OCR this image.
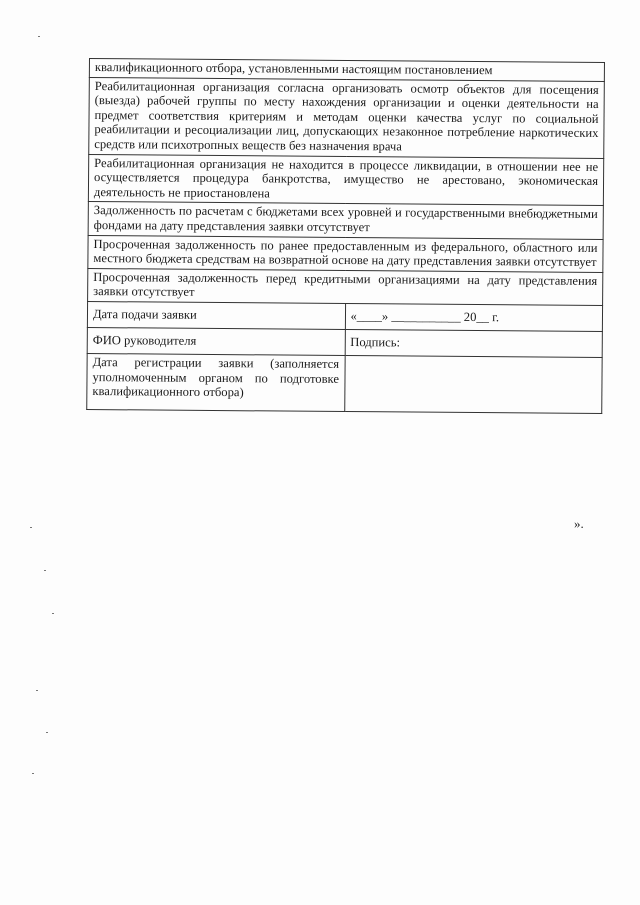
квалификационного отбора, установленными настоящим постановлением	
Реабилитационная организация согласна организовать осмотр объектов для посещения (выезда) рабочей группы по месту нахождения организации и оценки деятельности на предмет соответствия критериям и методам оценки качества услуг по социальной реабилитации и ресоциализации лиц, допускающих незаконное потребление наркотических средств или психотропных веществ без назначения врача	
Реабилитационная организация не находится в процессе ликвидации, в отношении нее не осуществляется процедура банкротства, имущество не арестовано, экономическая деятельность не приостановлена	
Задолженность по расчетам с бюджетами всех уровней и государственными внебюджетными фондами на дату представления заявки отсутствует	
Просроченная задолженность по ранее предоставленным из федерального, областного или местного бюджета средствам на возвратной основе на дату представления заявки отсутствует	
Просроченная задолженность перед кредитными организациями на дату представления заявки отсутствует	
Дата подачи заявки	«____» ___________ 20__ г.
ФИО руководителя	Подпись:
Дата регистрации заявки (заполняется уполномоченным органом по подготовке квалификационного отбора)	
».
